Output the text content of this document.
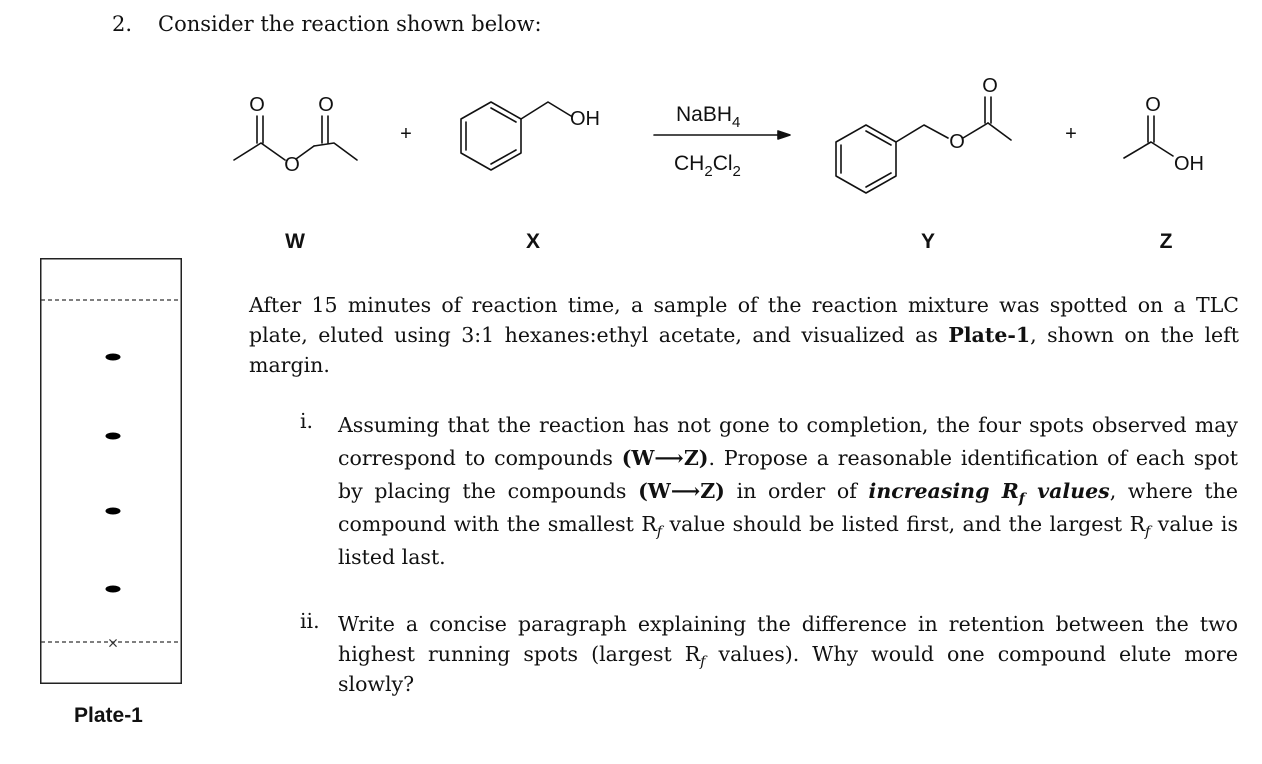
2.	Consider the reaction shown below:
O	O
O
OH
O
O
O
OH
+	+
NaBH$_4$
$CH_2Cl_2$
W	X	Y	Z
After 15 minutes of reaction time, a sample of the reaction mixture was spotted on a TLC plate, eluted using 3:1 hexanes:ethyl acetate, and visualized as Plate-1, shown on the left margin.
i. Assuming that the reaction has not gone to completion, the four spots observed may correspond to compounds (W⟶Z). Propose a reasonable identification of each spot by placing the compounds (W⟶Z) in order of increasing $R_f$ values, where the compound with the smallest $R_f$ value should be listed first, and the largest $R_f$ value is listed last.
ii. Write a concise paragraph explaining the difference in retention between the two highest running spots (largest $R_f$ values). Why would one compound elute more slowly?
×
Plate-1
